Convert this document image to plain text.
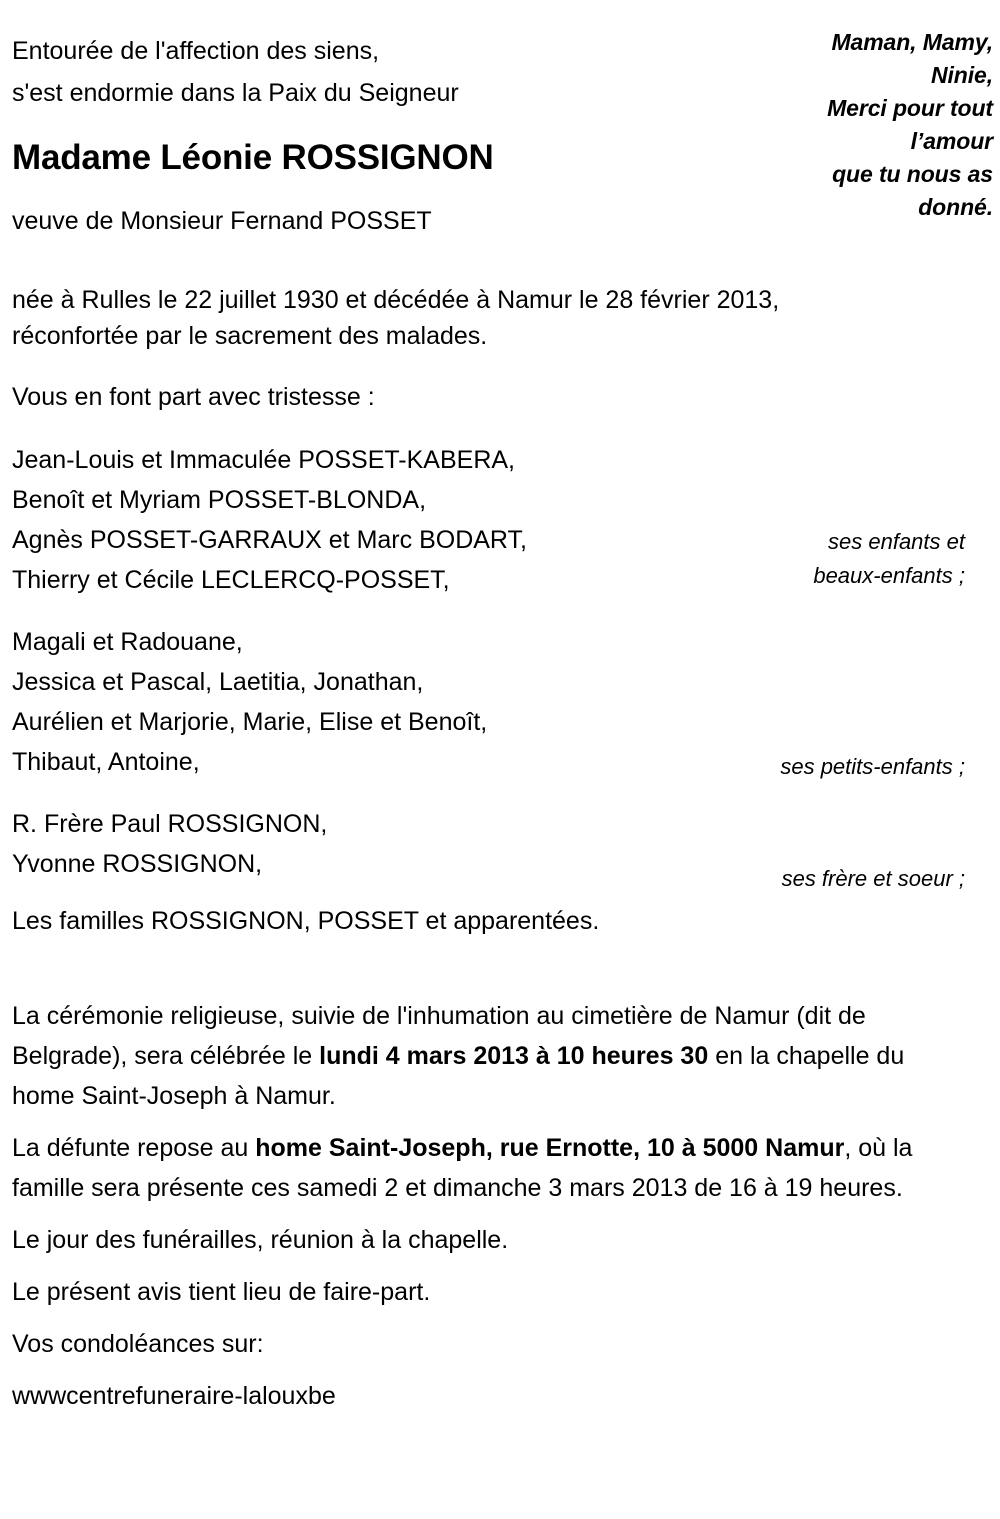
Maman, Mamy,
Ninie,
Merci pour tout
l’amour
que tu nous as
donné.
Entourée de l'affection des siens,
s'est endormie dans la Paix du Seigneur
Madame Léonie ROSSIGNON
veuve de Monsieur Fernand POSSET
née à Rulles le 22 juillet 1930 et décédée à Namur le 28 février 2013,
réconfortée par le sacrement des malades.
Vous en font part avec tristesse :
Jean-Louis et Immaculée POSSET-KABERA,
Benoît et Myriam POSSET-BLONDA,
Agnès POSSET-GARRAUX et Marc BODART,
Thierry et Cécile LECLERCQ-POSSET,
ses enfants et
beaux-enfants ;
Magali et Radouane,
Jessica et Pascal, Laetitia, Jonathan,
Aurélien et Marjorie, Marie, Elise et Benoît,
Thibaut, Antoine,	ses petits-enfants ;
R. Frère Paul ROSSIGNON,
Yvonne ROSSIGNON,
ses frère et soeur ;
Les familles ROSSIGNON, POSSET et apparentées.
La cérémonie religieuse, suivie de l'inhumation au cimetière de Namur (dit de Belgrade), sera célébrée le lundi 4 mars 2013 à 10 heures 30 en la chapelle du home Saint-Joseph à Namur.
La défunte repose au home Saint-Joseph, rue Ernotte, 10 à 5000 Namur, où la famille sera présente ces samedi 2 et dimanche 3 mars 2013 de 16 à 19 heures.
Le jour des funérailles, réunion à la chapelle.
Le présent avis tient lieu de faire-part.
Vos condoléances sur:
wwwcentrefuneraire-lalouxbe
